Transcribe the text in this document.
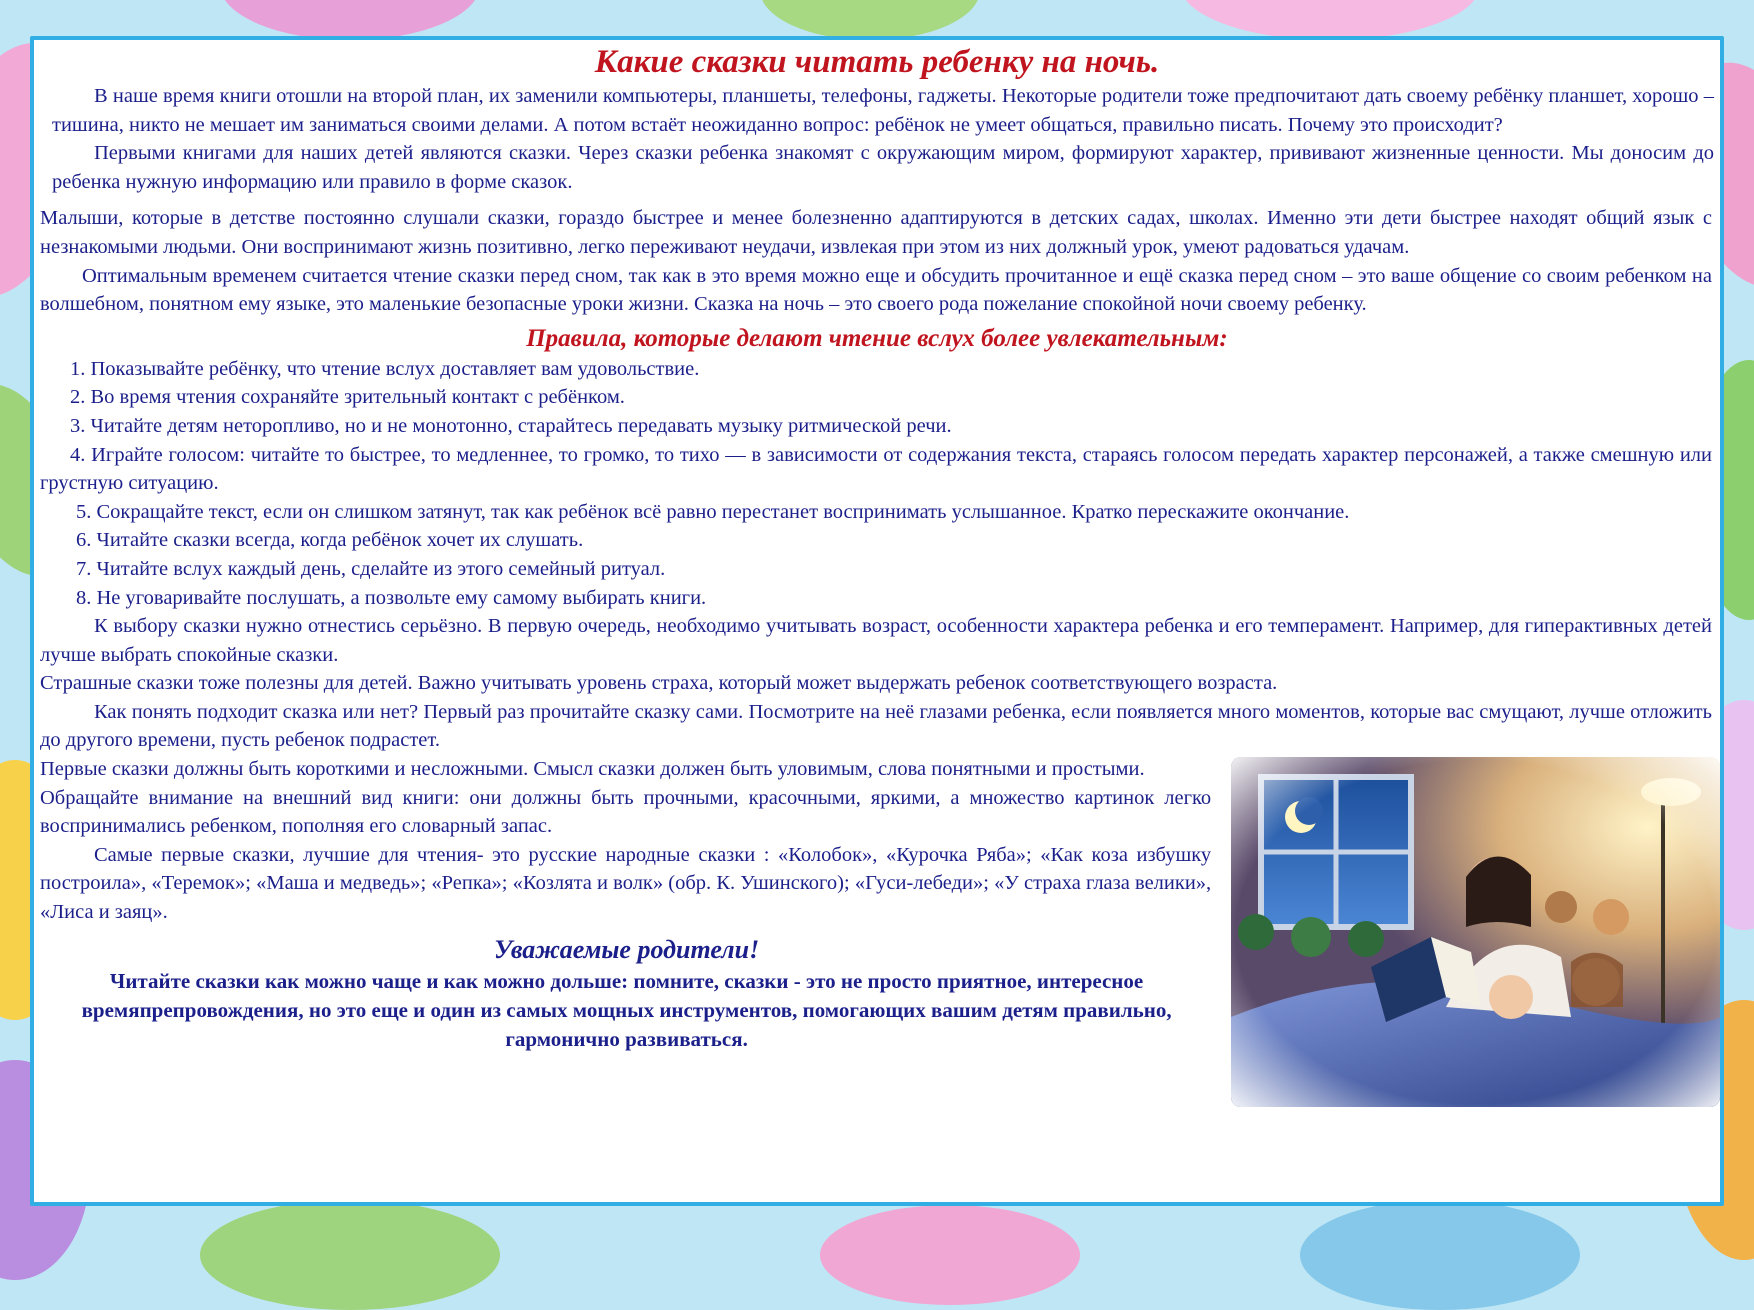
Какие сказки читать ребенку на ночь.

В наше время книги отошли на второй план, их заменили компьютеры, планшеты, телефоны, гаджеты. Некоторые родители тоже предпочитают дать своему ребёнку планшет, хорошо – тишина, никто не мешает им заниматься своими делами. А потом встаёт неожиданно вопрос: ребёнок не умеет общаться, правильно писать. Почему это происходит?

Первыми книгами для наших детей являются сказки. Через сказки ребенка знакомят с окружающим миром, формируют характер, прививают жизненные ценности. Мы доносим до ребенка нужную информацию или правило в форме сказок.

Малыши, которые в детстве постоянно слушали сказки, гораздо быстрее и менее болезненно адаптируются в детских садах, школах. Именно эти дети быстрее находят общий язык с незнакомыми людьми. Они воспринимают жизнь позитивно, легко переживают неудачи, извлекая при этом из них должный урок, умеют радоваться удачам.

Оптимальным временем считается чтение сказки перед сном, так как в это время можно еще и обсудить прочитанное и ещё сказка перед сном – это ваше общение со своим ребенком на волшебном, понятном ему языке, это маленькие безопасные уроки жизни. Сказка на ночь – это своего рода пожелание спокойной ночи своему ребенку.

Правила, которые делают чтение вслух более увлекательным:

1. Показывайте ребёнку, что чтение вслух доставляет вам удовольствие.

2. Во время чтения сохраняйте зрительный контакт с ребёнком.

3. Читайте детям неторопливо, но и не монотонно, старайтесь передавать музыку ритмической речи.

4. Играйте голосом: читайте то быстрее, то медленнее, то громко, то тихо — в зависимости от содержания текста, стараясь голосом передать характер персонажей, а также смешную или грустную ситуацию.

5. Сокращайте текст, если он слишком затянут, так как ребёнок всё равно перестанет воспринимать услышанное. Кратко перескажите окончание.

6. Читайте сказки всегда, когда ребёнок хочет их слушать.

7. Читайте вслух каждый день, сделайте из этого семейный ритуал.

8. Не уговаривайте послушать, а позвольте ему самому выбирать книги.

К выбору сказки нужно отнестись серьёзно. В первую очередь, необходимо учитывать возраст, особенности характера ребенка и его темперамент. Например, для гиперактивных детей лучше выбрать спокойные сказки.

Страшные сказки тоже полезны для детей. Важно учитывать уровень страха, который может выдержать ребенок соответствующего возраста.

Как понять подходит сказка или нет? Первый раз прочитайте сказку сами. Посмотрите на неё глазами ребенка, если появляется много моментов, которые вас смущают, лучше отложить до другого времени, пусть ребенок подрастет.

Первые сказки должны быть короткими и несложными. Смысл сказки должен быть уловимым, слова понятными и простыми.

Обращайте внимание на внешний вид книги: они должны быть прочными, красочными, яркими, а множество картинок легко воспринимались ребенком, пополняя его словарный запас.

Самые первые сказки, лучшие для чтения- это русские народные сказки : «Колобок», «Курочка Ряба»; «Как коза избушку построила», «Теремок»; «Маша и медведь»; «Репка»; «Козлята и волк» (обр. К. Ушинского); «Гуси-лебеди»; «У страха глаза велики», «Лиса и заяц».

Уважаемые родители!

Читайте сказки как можно чаще и как можно дольше: помните, сказки - это не просто приятное, интересное времяпрепровождения, но это еще и один из самых мощных инструментов, помогающих вашим детям правильно, гармонично развиваться.
